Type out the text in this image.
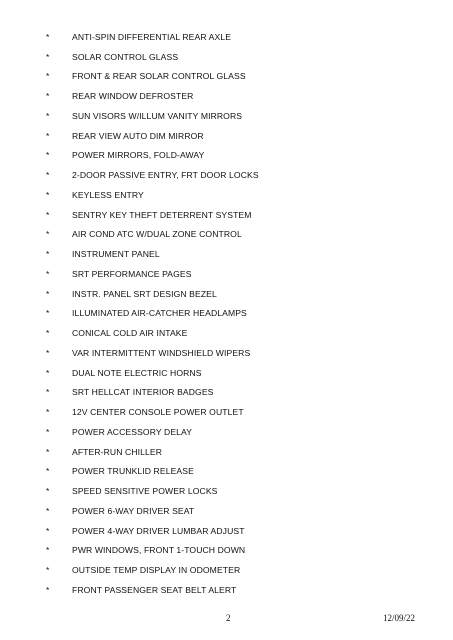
*	ANTI-SPIN DIFFERENTIAL REAR AXLE
*	SOLAR CONTROL GLASS
*	FRONT & REAR SOLAR CONTROL GLASS
*	REAR WINDOW DEFROSTER
*	SUN VISORS W/ILLUM VANITY MIRRORS
*	REAR VIEW AUTO DIM MIRROR
*	POWER MIRRORS, FOLD-AWAY
*	2-DOOR PASSIVE ENTRY, FRT DOOR LOCKS
*	KEYLESS ENTRY
*	SENTRY KEY THEFT DETERRENT SYSTEM
*	AIR COND ATC W/DUAL ZONE CONTROL
*	INSTRUMENT PANEL
*	SRT PERFORMANCE PAGES
*	INSTR. PANEL SRT DESIGN BEZEL
*	ILLUMINATED AIR-CATCHER HEADLAMPS
*	CONICAL COLD AIR INTAKE
*	VAR INTERMITTENT WINDSHIELD WIPERS
*	DUAL NOTE ELECTRIC HORNS
*	SRT HELLCAT INTERIOR BADGES
*	12V CENTER CONSOLE POWER OUTLET
*	POWER ACCESSORY DELAY
*	AFTER-RUN CHILLER
*	POWER TRUNKLID RELEASE
*	SPEED SENSITIVE POWER LOCKS
*	POWER 6-WAY DRIVER SEAT
*	POWER 4-WAY DRIVER LUMBAR ADJUST
*	PWR WINDOWS, FRONT 1-TOUCH DOWN
*	OUTSIDE TEMP DISPLAY IN ODOMETER
*	FRONT PASSENGER SEAT BELT ALERT
2	12/09/22
